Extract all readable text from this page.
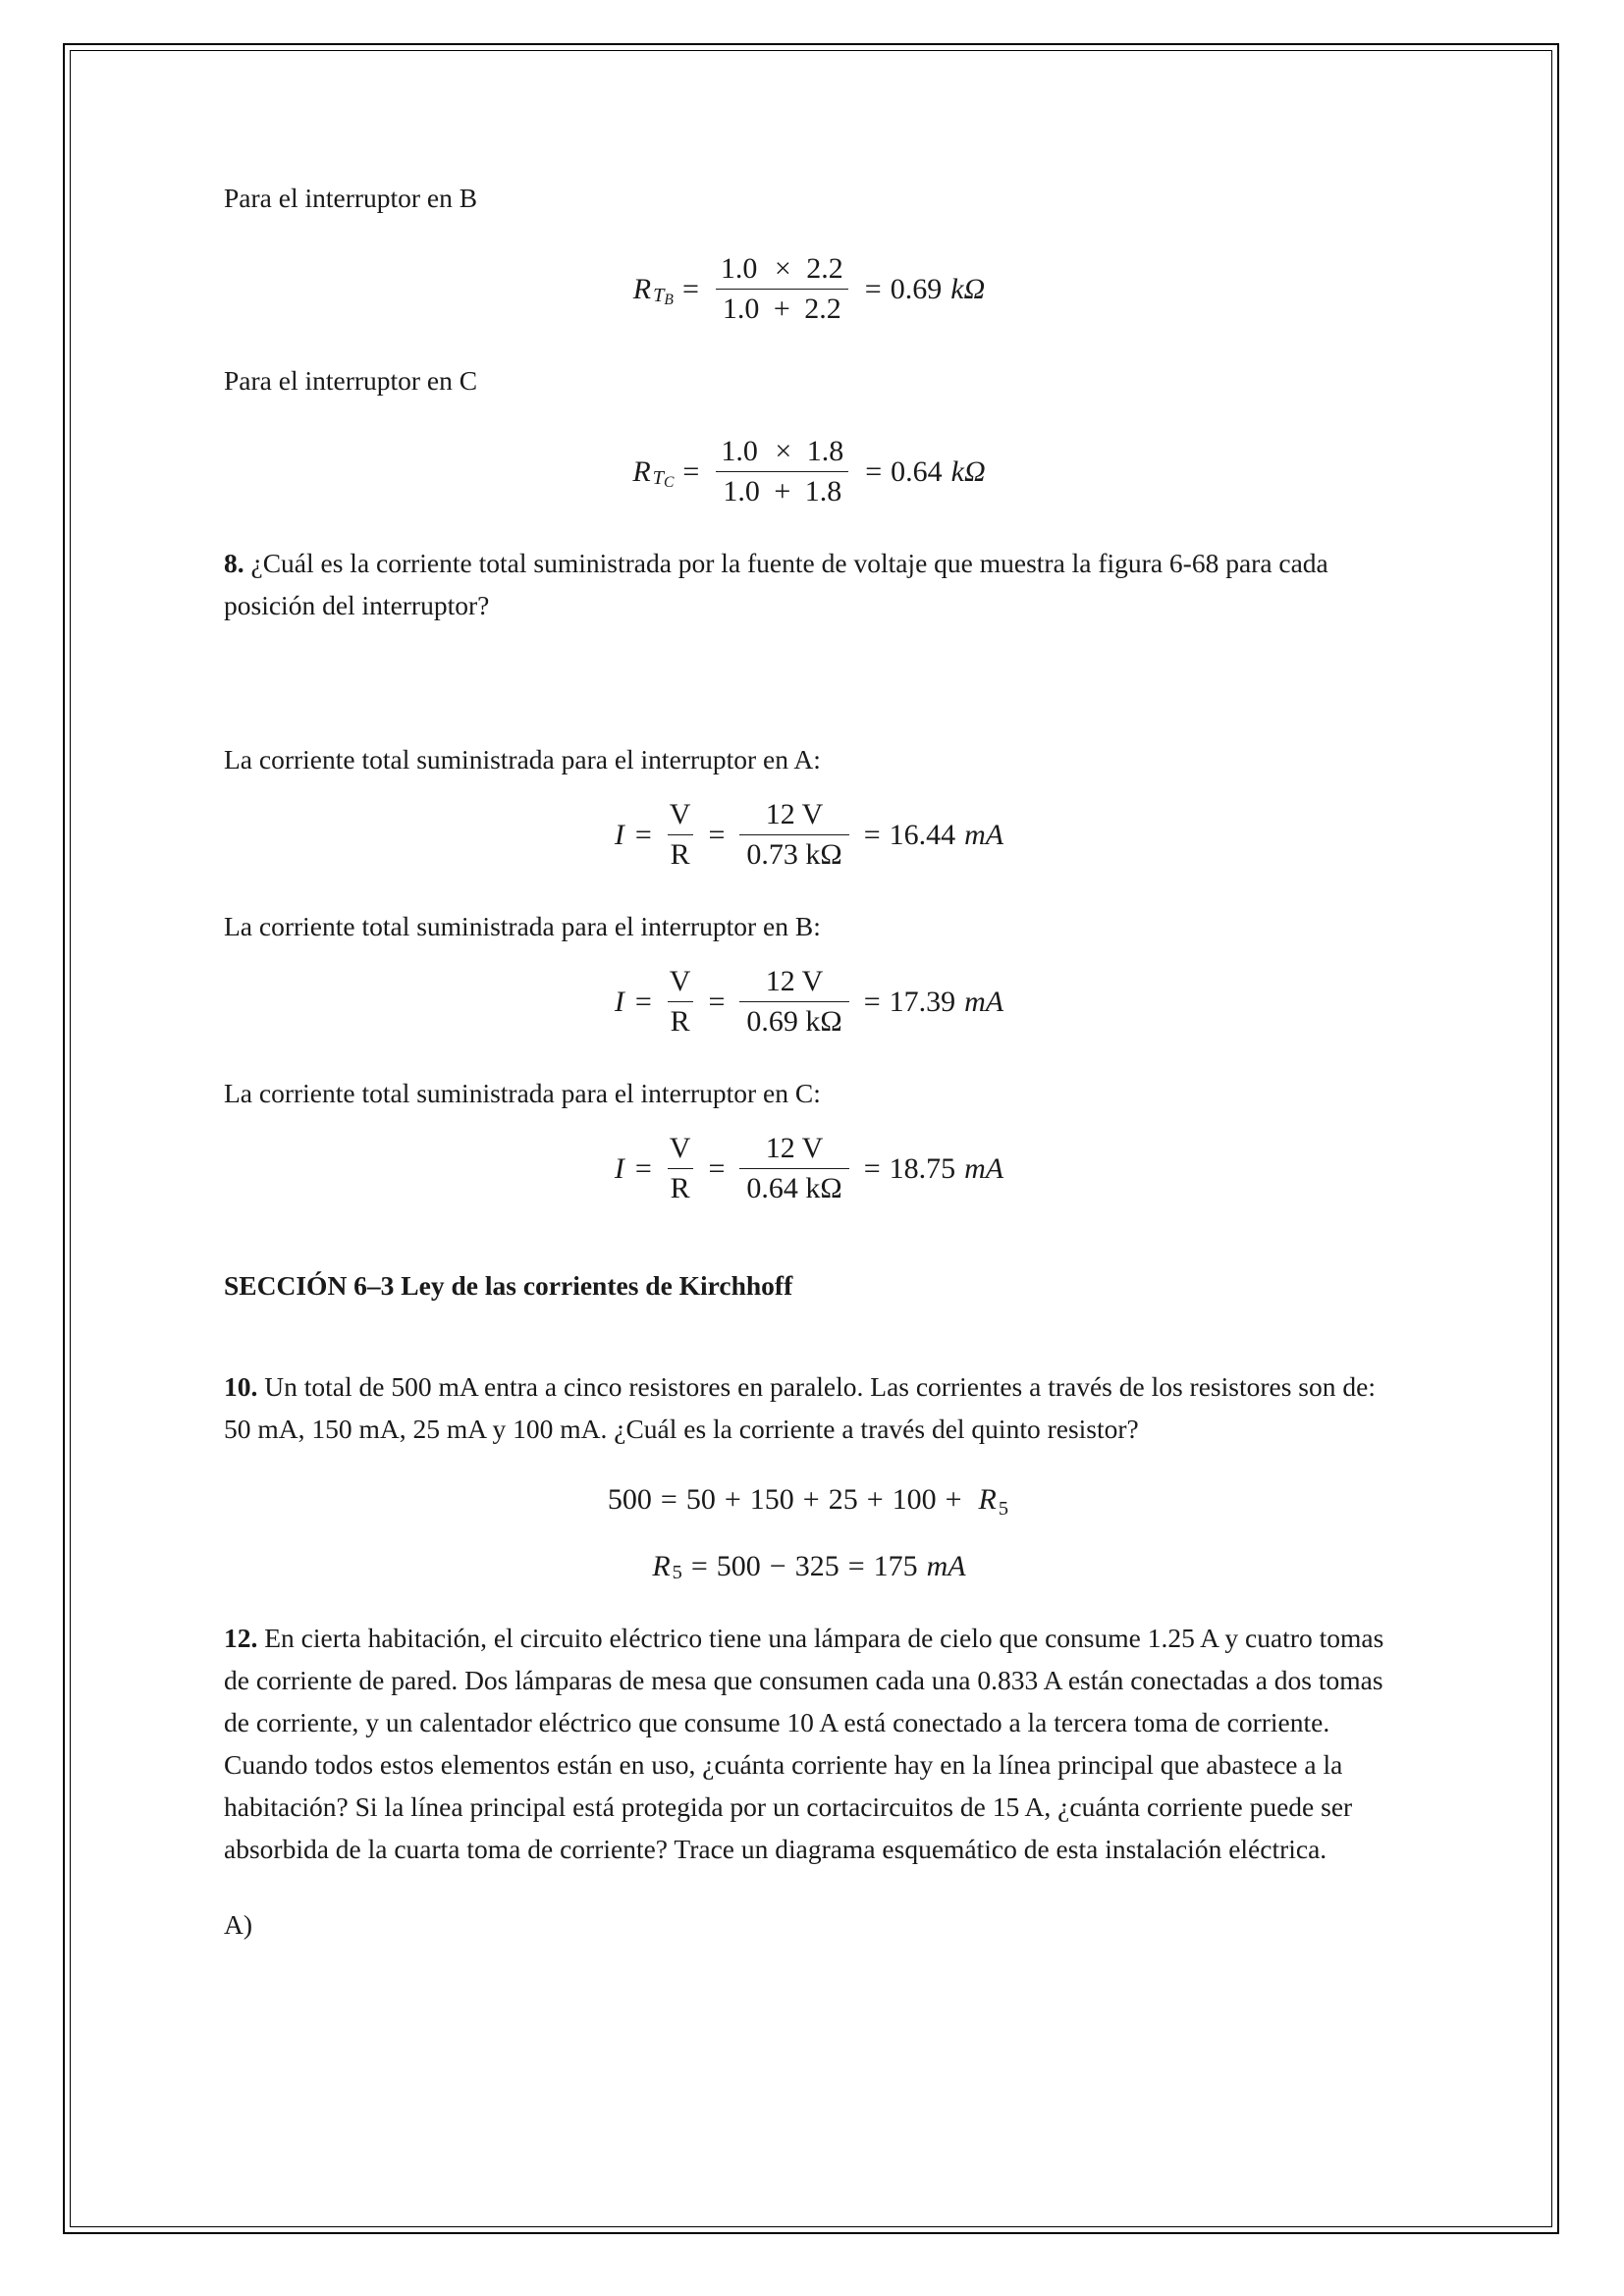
Para el interruptor en B

R T $B = \frac{1.0 \times 2.2}{1.0 + 2.2} = 0.69$ kΩ

Para el interruptor en C

R T $C = \frac{1.0 \times 1.8}{1.0 + 1.8} = 0.64$ kΩ

8. ¿Cuál es la corriente total suministrada por la fuente de voltaje que muestra la figura 6-68 para cada posición del interruptor?

La corriente total suministrada para el interruptor en A:

$I = \frac{V}{R} = \frac{12 V}{0.73 k\Omega} = 16.44$ mA

La corriente total suministrada para el interruptor en B:

$I = \frac{V}{R} = \frac{12 V}{0.69 k\Omega} = 17.39$ mA

La corriente total suministrada para el interruptor en C:

$I = \frac{V}{R} = \frac{12 V}{0.64 k\Omega} = 18.75$ mA

SECCIÓN 6–3 Ley de las corrientes de Kirchhoff

10. Un total de 500 mA entra a cinco resistores en paralelo. Las corrientes a través de los resistores son de: 50 mA, 150 mA, 25 mA y 100 mA. ¿Cuál es la corriente a través del quinto resistor?

$500 = 50 + 150 + 25 + 100 + R_5$
R 5 = 500 − 325 = 175 mA

12. En cierta habitación, el circuito eléctrico tiene una lámpara de cielo que consume 1.25 A y cuatro tomas de corriente de pared. Dos lámparas de mesa que consumen cada una 0.833 A están conectadas a dos tomas de corriente, y un calentador eléctrico que consume 10 A está conectado a la tercera toma de corriente. Cuando todos estos elementos están en uso, ¿cuánta corriente hay en la línea principal que abastece a la habitación? Si la línea principal está protegida por un cortacircuitos de 15 A, ¿cuánta corriente puede ser absorbida de la cuarta toma de corriente? Trace un diagrama esquemático de esta instalación eléctrica.

A)
